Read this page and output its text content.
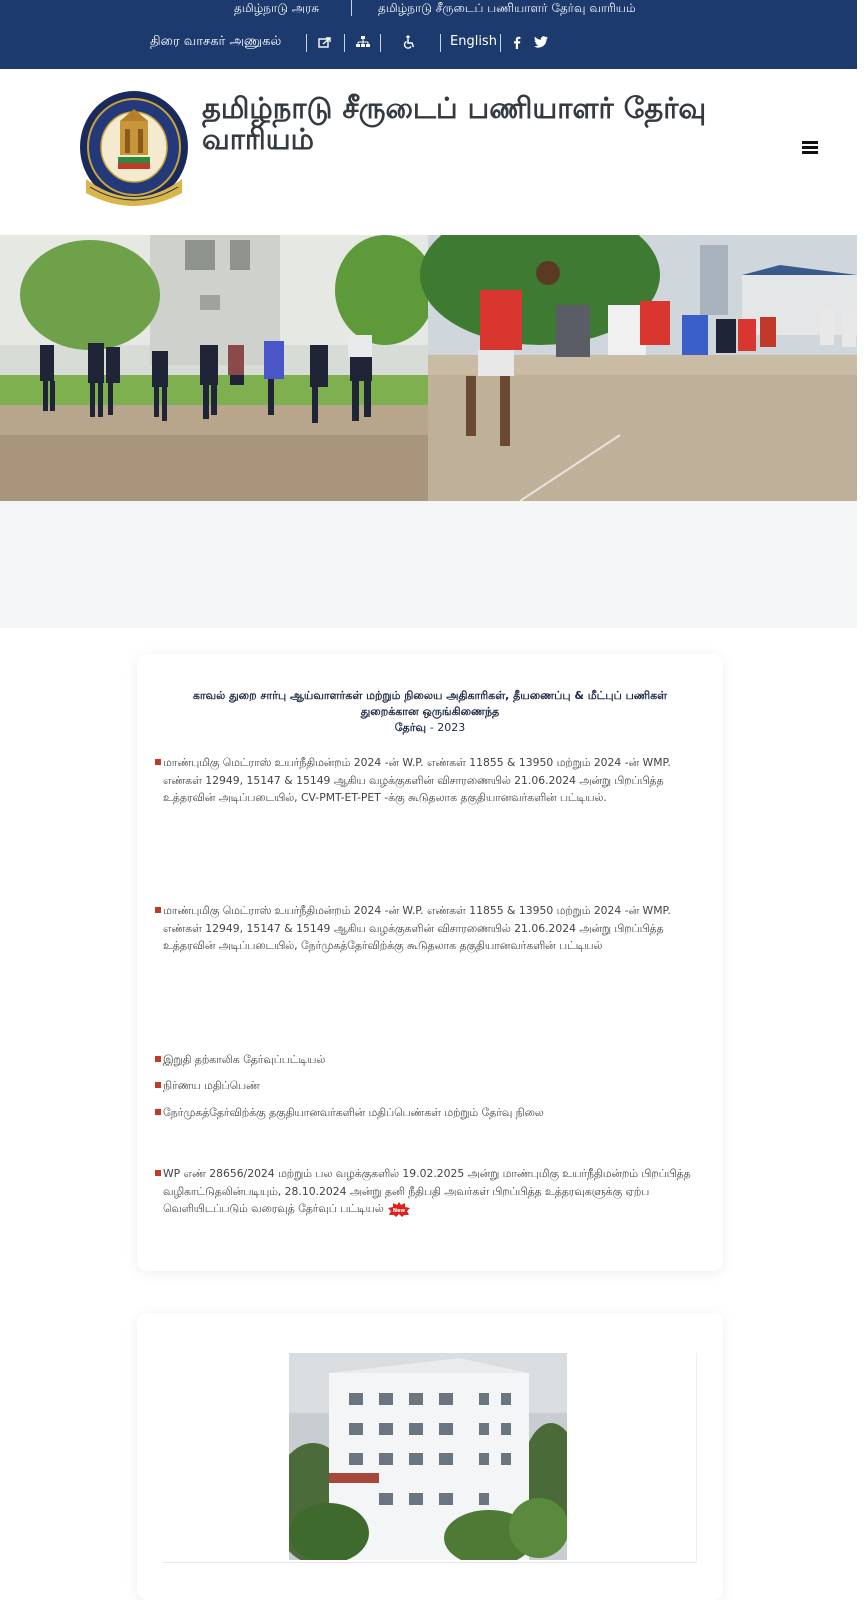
தமிழ்நாடு அரசு	தமிழ்நாடு சீருடைப் பணியாளர் தேர்வு வாரியம்
திரை வாசகர் அணுகல்	English
தமிழ்நாடு சீருடைப் பணியாளர் தேர்வு வாரியம்
காவல் துறை சார்பு ஆய்வாளர்கள் மற்றும் நிலைய அதிகாரிகள், தீயணைப்பு & மீட்புப் பணிகள் துறைக்கான ஒருங்கிணைந்த
தேர்வு - 2023
மாண்புமிகு மெட்ராஸ் உயர்நீதிமன்றம் 2024 -ன் W.P. எண்கள் 11855 & 13950 மற்றும் 2024 -ன் WMP. எண்கள் 12949, 15147 & 15149 ஆகிய வழக்குகளின் விசாரணையில் 21.06.2024 அன்று பிறப்பித்த உத்தரவின் அடிப்படையில், CV-PMT-ET-PET -க்கு கூடுதலாக தகுதியானவர்களின் பட்டியல்.
மாண்புமிகு மெட்ராஸ் உயர்நீதிமன்றம் 2024 -ன் W.P. எண்கள் 11855 & 13950 மற்றும் 2024 -ன் WMP. எண்கள் 12949, 15147 & 15149 ஆகிய வழக்குகளின் விசாரணையில் 21.06.2024 அன்று பிறப்பித்த உத்தரவின் அடிப்படையில், நேர்முகத்தேர்விற்க்கு கூடுதலாக தகுதியானவர்களின் பட்டியல்
இறுதி தற்காலிக தேர்வுப்பட்டியல்
நிர்ணய மதிப்பெண்
நேர்முகத்தேர்விற்க்கு தகுதியானவர்களின் மதிப்பெண்கள் மற்றும் தேர்வு நிலை
WP எண் 28656/2024 மற்றும் பல வழக்குகளில் 19.02.2025 அன்று மாண்புமிகு உயர்நீதிமன்றம் பிறப்பித்த வழிகாட்டுதலின்படியும், 28.10.2024 அன்று தனி நீதிபதி அவர்கள் பிறப்பித்த உத்தரவுகளுக்கு ஏற்ப வெளியிடப்படும் வரைவுத் தேர்வுப் பட்டியல் New
